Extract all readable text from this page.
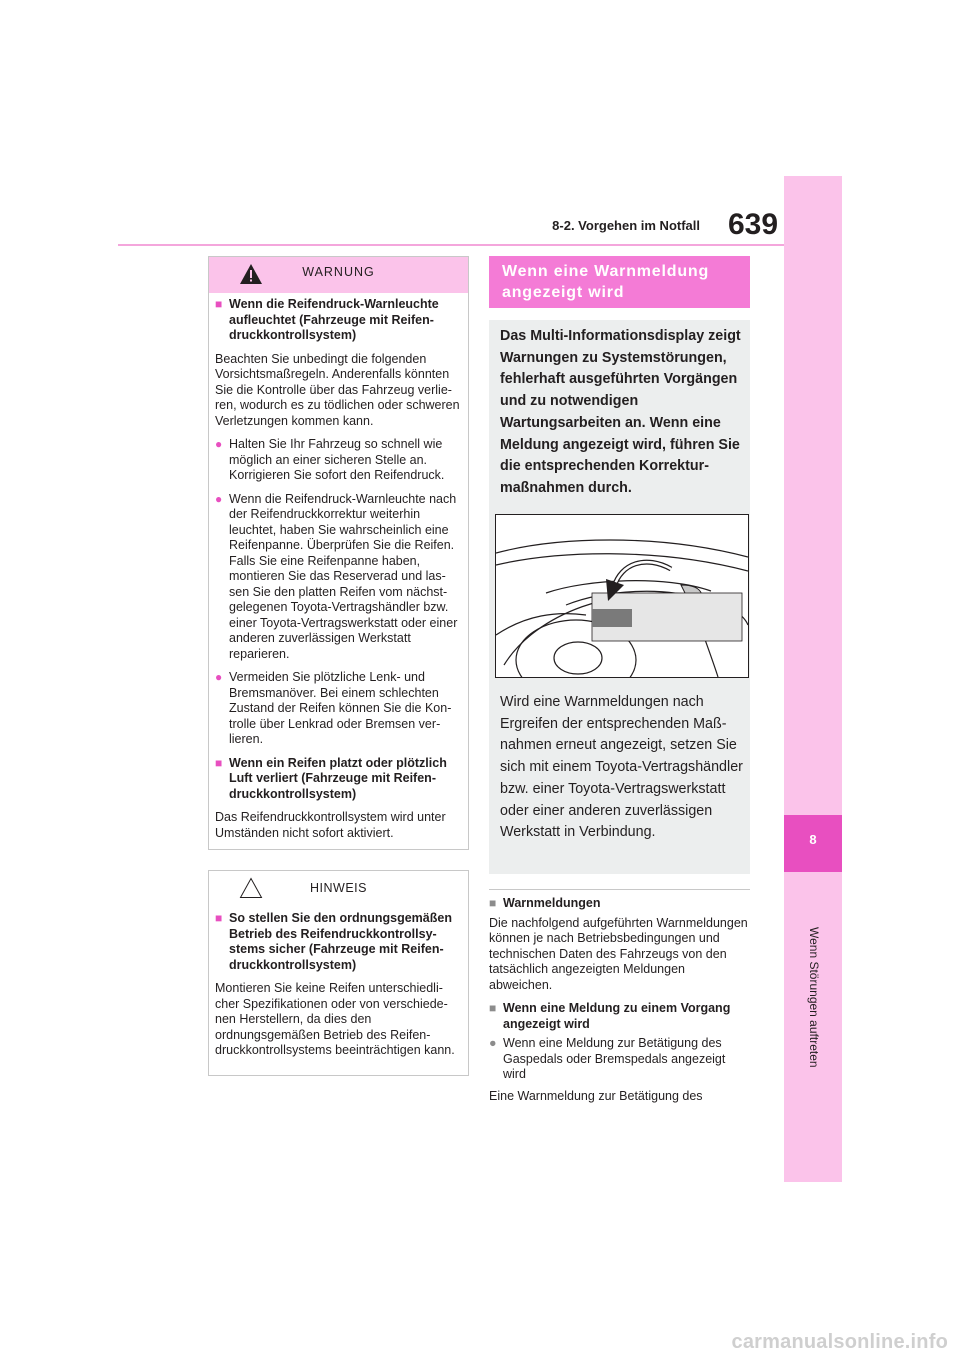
8-2. Vorgehen im Notfall 639
8
Wenn Störungen auftreten
WARNUNG
■ Wenn die Reifendruck-Warnleuchte aufleuchtet (Fahrzeuge mit Reifendruckkontrollsystem)

Beachten Sie unbedingt die folgenden Vorsichtsmaßregeln. Anderenfalls könnten Sie die Kontrolle über das Fahrzeug verlieren, wodurch es zu tödlichen oder schweren Verletzungen kommen kann.

● Halten Sie Ihr Fahrzeug so schnell wie möglich an einer sicheren Stelle an. Korrigieren Sie sofort den Reifendruck.
● Wenn die Reifendruck-Warnleuchte nach der Reifendruckkorrektur weiterhin leuchtet, haben Sie wahrscheinlich eine Reifenpanne. Überprüfen Sie die Reifen. Falls Sie eine Reifenpanne haben, montieren Sie das Reserverad und lassen Sie den platten Reifen vom nächstgelegenen Toyota-Vertragshändler bzw. einer Toyota-Vertragswerkstatt oder einer anderen zuverlässigen Werkstatt reparieren.
● Vermeiden Sie plötzliche Lenk- und Bremsmanöver. Bei einem schlechten Zustand der Reifen können Sie die Kontrolle über Lenkrad oder Bremsen verlieren.
■ Wenn ein Reifen platzt oder plötzlich Luft verliert (Fahrzeuge mit Reifendruckkontrollsystem)

Das Reifendruckkontrollsystem wird unter Umständen nicht sofort aktiviert.

HINWEIS
■ So stellen Sie den ordnungsgemäßen Betrieb des Reifendruckkontrollsystems sicher (Fahrzeuge mit Reifendruckkontrollsystem)

Montieren Sie keine Reifen unterschiedlicher Spezifikationen oder von verschiedenen Herstellern, da dies den ordnungsgemäßen Betrieb des Reifendruckkontrollsystems beeinträchtigen kann.

Wenn eine Warnmeldung angezeigt wird
Das Multi-Informationsdisplay zeigt Warnungen zu Systemstörungen, fehlerhaft ausgeführten Vorgängen und zu notwendigen Wartungsarbeiten an. Wenn eine Meldung angezeigt wird, führen Sie die entsprechenden Korrekturmaßnahmen durch.
Wird eine Warnmeldungen nach Ergreifen der entsprechenden Maßnahmen erneut angezeigt, setzen Sie sich mit einem Toyota-Vertragshändler bzw. einer Toyota-Vertragswerkstatt oder einer anderen zuverlässigen Werkstatt in Verbindung.
■ Warnmeldungen

Die nachfolgend aufgeführten Warnmeldungen können je nach Betriebsbedingungen und technischen Daten des Fahrzeugs von den tatsächlich angezeigten Meldungen abweichen.

■ Wenn eine Meldung zu einem Vorgang angezeigt wird
● Wenn eine Meldung zur Betätigung des Gaspedals oder Bremspedals angezeigt wird

Eine Warnmeldung zur Betätigung des

carmanualsonline.info
